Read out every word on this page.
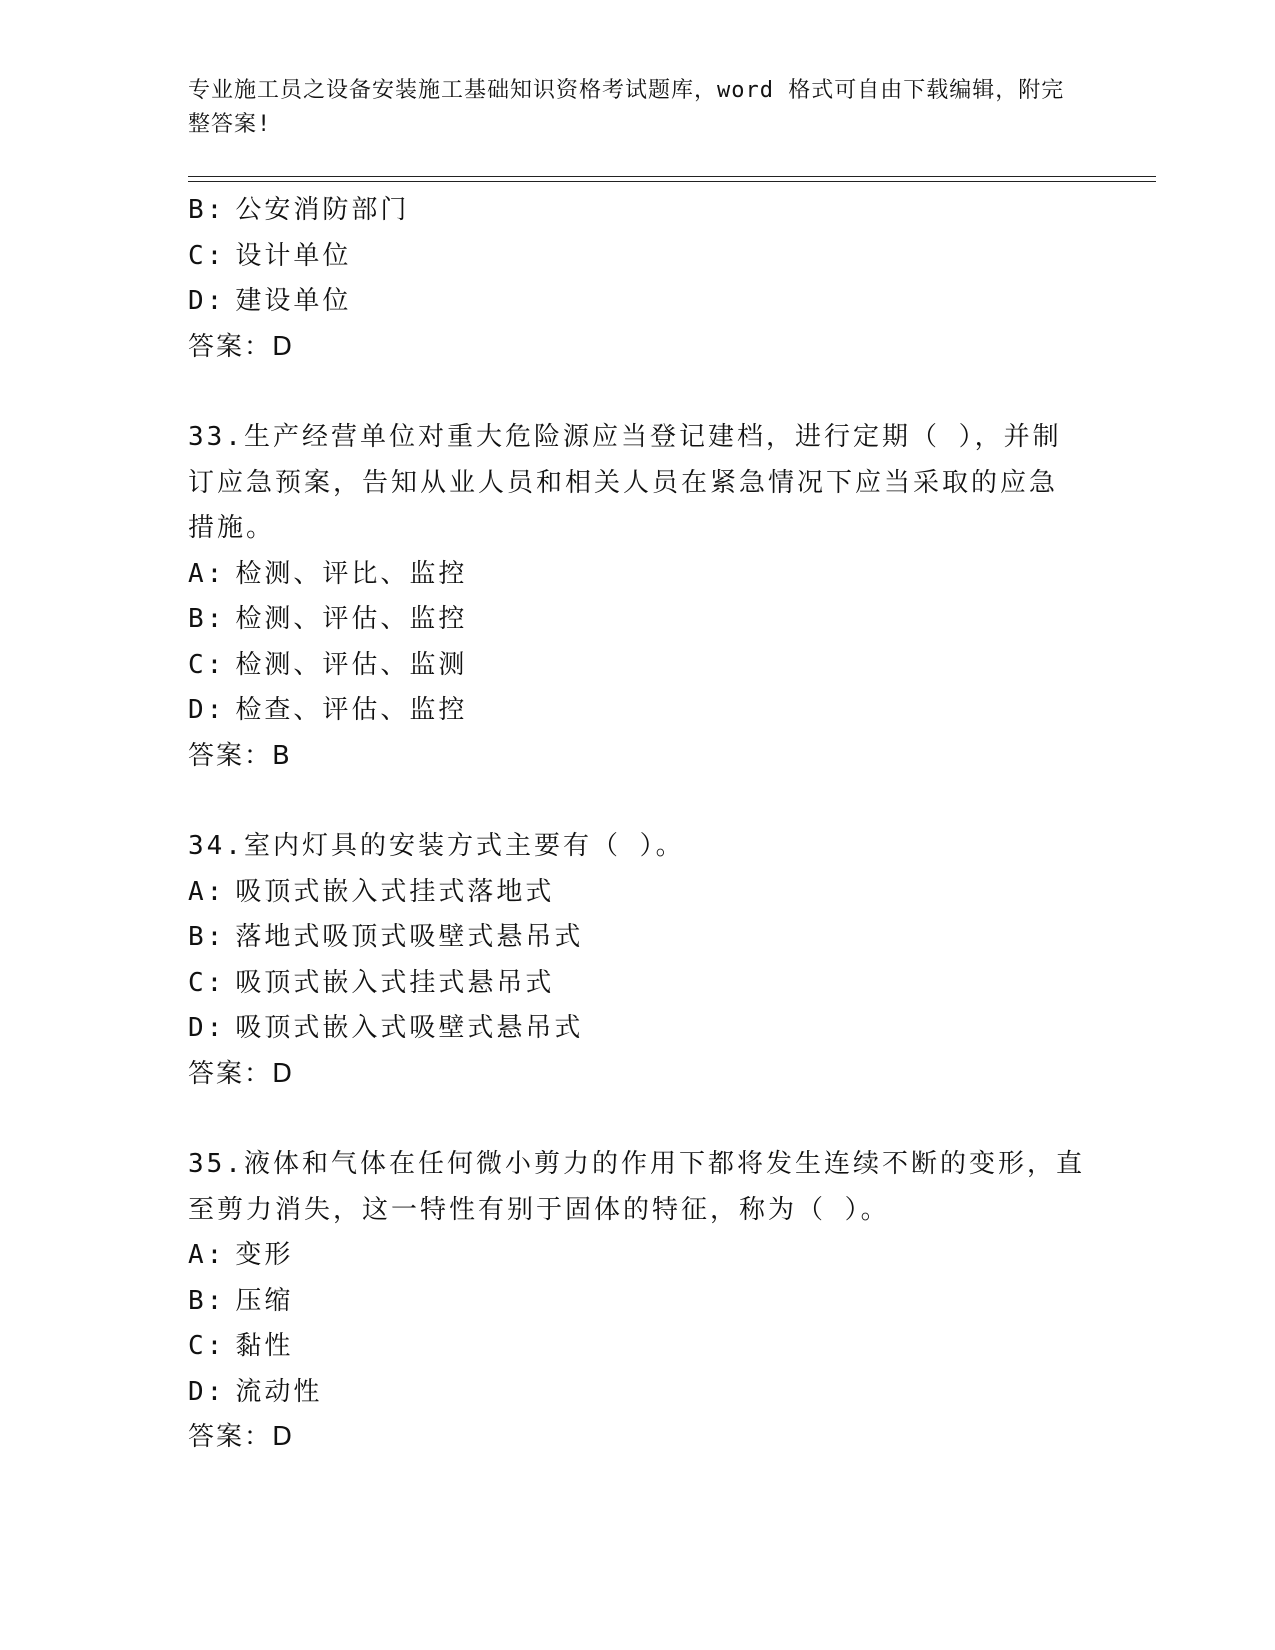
专业施工员之设备安装施工基础知识资格考试题库，word 格式可自由下载编辑，附完整答案!
B: 公安消防部门
C: 设计单位
D: 建设单位
答案：D
33.生产经营单位对重大危险源应当登记建档，进行定期（ ），并制
订应急预案，告知从业人员和相关人员在紧急情况下应当采取的应急
措施。
A: 检测、评比、监控
B: 检测、评估、监控
C: 检测、评估、监测
D: 检查、评估、监控
答案：B
34.室内灯具的安装方式主要有（ ）。
A: 吸顶式嵌入式挂式落地式
B: 落地式吸顶式吸壁式悬吊式
C: 吸顶式嵌入式挂式悬吊式
D: 吸顶式嵌入式吸壁式悬吊式
答案：D
35.液体和气体在任何微小剪力的作用下都将发生连续不断的变形，直
至剪力消失，这一特性有别于固体的特征，称为（ ）。
A: 变形
B: 压缩
C: 黏性
D: 流动性
答案：D
